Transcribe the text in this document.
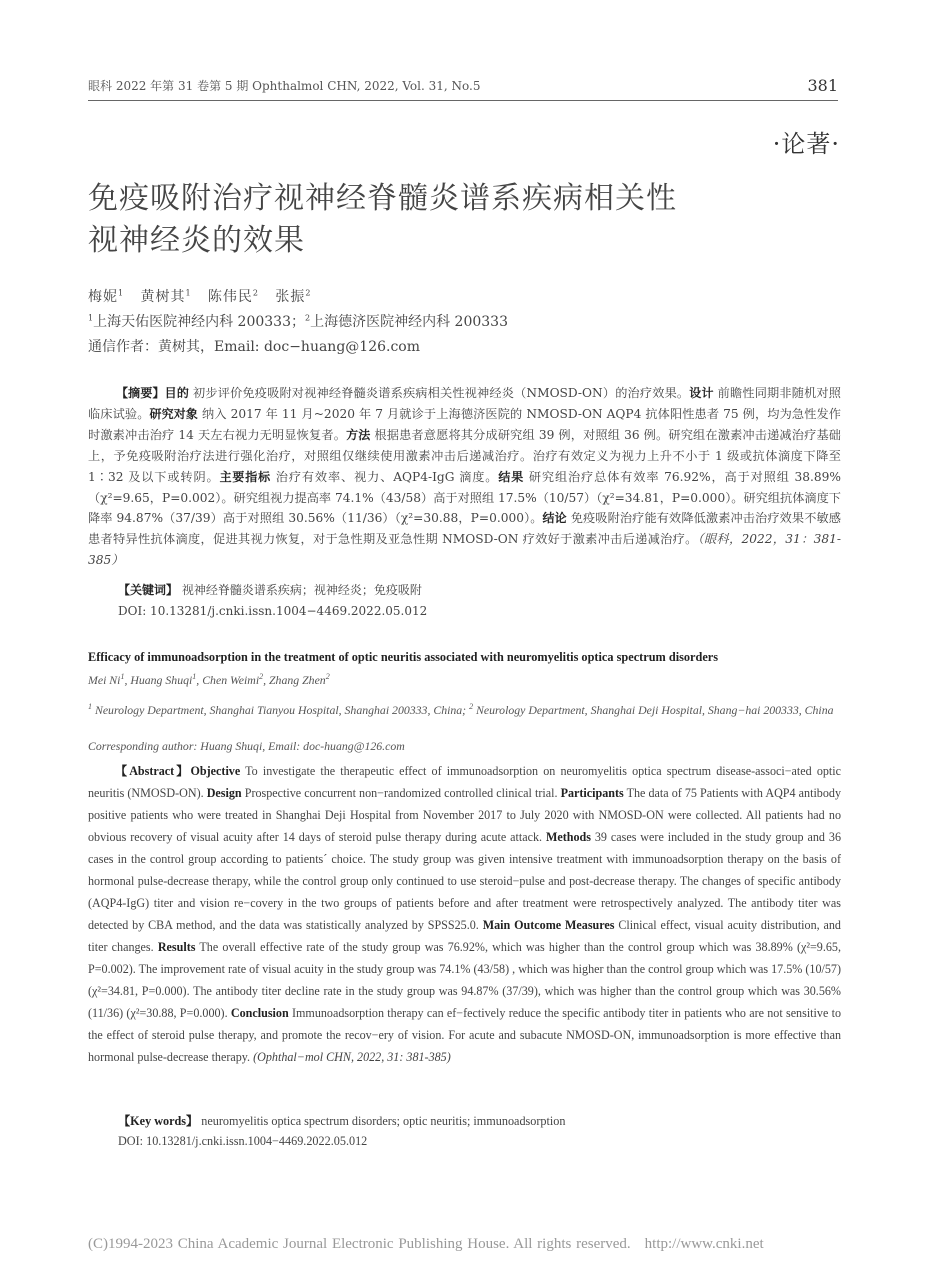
眼科 2022 年第 31 卷第 5 期 Ophthalmol CHN, 2022, Vol. 31, No.5	381
·论著·
免疫吸附治疗视神经脊髓炎谱系疾病相关性
视神经炎的效果
梅妮$^1$ 黄树其$^1$ 陈伟民$^2$ 张振$^2$
$^1$上海天佑医院神经内科 200333；$^2$上海德济医院神经内科 200333
通信作者：黄树其，Email: doc−huang@126.com
【摘要】目的 初步评价免疫吸附对视神经脊髓炎谱系疾病相关性视神经炎（NMOSD-ON）的治疗效果。设计 前瞻性同期非随机对照临床试验。研究对象 纳入 2017 年 11 月~2020 年 7 月就诊于上海德济医院的 NMOSD-ON AQP4 抗体阳性患者 75 例，均为急性发作时激素冲击治疗 14 天左右视力无明显恢复者。方法 根据患者意愿将其分成研究组 39 例，对照组 36 例。研究组在激素冲击递减治疗基础上，予免疫吸附治疗法进行强化治疗，对照组仅继续使用激素冲击后递减治疗。治疗有效定义为视力上升不小于 1 级或抗体滴度下降至 1∶32 及以下或转阴。主要指标 治疗有效率、视力、AQP4-IgG 滴度。结果 研究组治疗总体有效率 76.92%，高于对照组 38.89%（χ²=9.65，P=0.002）。研究组视力提高率 74.1%（43/58）高于对照组 17.5%（10/57）（χ²=34.81，P=0.000）。研究组抗体滴度下降率 94.87%（37/39）高于对照组 30.56%（11/36）（χ²=30.88，P=0.000）。结论 免疫吸附治疗能有效降低激素冲击治疗效果不敏感患者特异性抗体滴度，促进其视力恢复，对于急性期及亚急性期 NMOSD-ON 疗效好于激素冲击后递减治疗。（眼科，2022，31：381-385）
【关键词】 视神经脊髓炎谱系疾病；视神经炎；免疫吸附
DOI: 10.13281/j.cnki.issn.1004−4469.2022.05.012
Efficacy of immunoadsorption in the treatment of optic neuritis associated with neuromyelitis optica spectrum disorders
Mei Ni$^1$, Huang Shuqi$^1$, Chen Weimi$^2$, Zhang Zhen$^2$
$^1$ Neurology Department, Shanghai Tianyou Hospital, Shanghai 200333, China; $^2$ Neurology Department, Shanghai Deji Hospital, Shang−hai 200333, China
Corresponding author: Huang Shuqi, Email: doc-huang@126.com
【Abstract】Objective To investigate the therapeutic effect of immunoadsorption on neuromyelitis optica spectrum disease-associ−ated optic neuritis (NMOSD-ON). Design Prospective concurrent non−randomized controlled clinical trial. Participants The data of 75 Patients with AQP4 antibody positive patients who were treated in Shanghai Deji Hospital from November 2017 to July 2020 with NMOSD-ON were collected. All patients had no obvious recovery of visual acuity after 14 days of steroid pulse therapy during acute attack. Methods 39 cases were included in the study group and 36 cases in the control group according to patients´ choice. The study group was given intensive treatment with immunoadsorption therapy on the basis of hormonal pulse-decrease therapy, while the control group only continued to use steroid−pulse and post-decrease therapy. The changes of specific antibody (AQP4-IgG) titer and vision re−covery in the two groups of patients before and after treatment were retrospectively analyzed. The antibody titer was detected by CBA method, and the data was statistically analyzed by SPSS25.0. Main Outcome Measures Clinical effect, visual acuity distribution, and titer changes. Results The overall effective rate of the study group was 76.92%, which was higher than the control group which was 38.89% (χ²=9.65, P=0.002). The improvement rate of visual acuity in the study group was 74.1% (43/58) , which was higher than the control group which was 17.5% (10/57) (χ²=34.81, P=0.000). The antibody titer decline rate in the study group was 94.87% (37/39), which was higher than the control group which was 30.56% (11/36) (χ²=30.88, P=0.000). Conclusion Immunoadsorption therapy can ef−fectively reduce the specific antibody titer in patients who are not sensitive to the effect of steroid pulse therapy, and promote the recov−ery of vision. For acute and subacute NMOSD-ON, immunoadsorption is more effective than hormonal pulse-decrease therapy. (Ophthal−mol CHN, 2022, 31: 381-385)
【Key words】 neuromyelitis optica spectrum disorders; optic neuritis; immunoadsorption
DOI: 10.13281/j.cnki.issn.1004−4469.2022.05.012
(C)1994-2023 China Academic Journal Electronic Publishing House. All rights reserved. http://www.cnki.net
